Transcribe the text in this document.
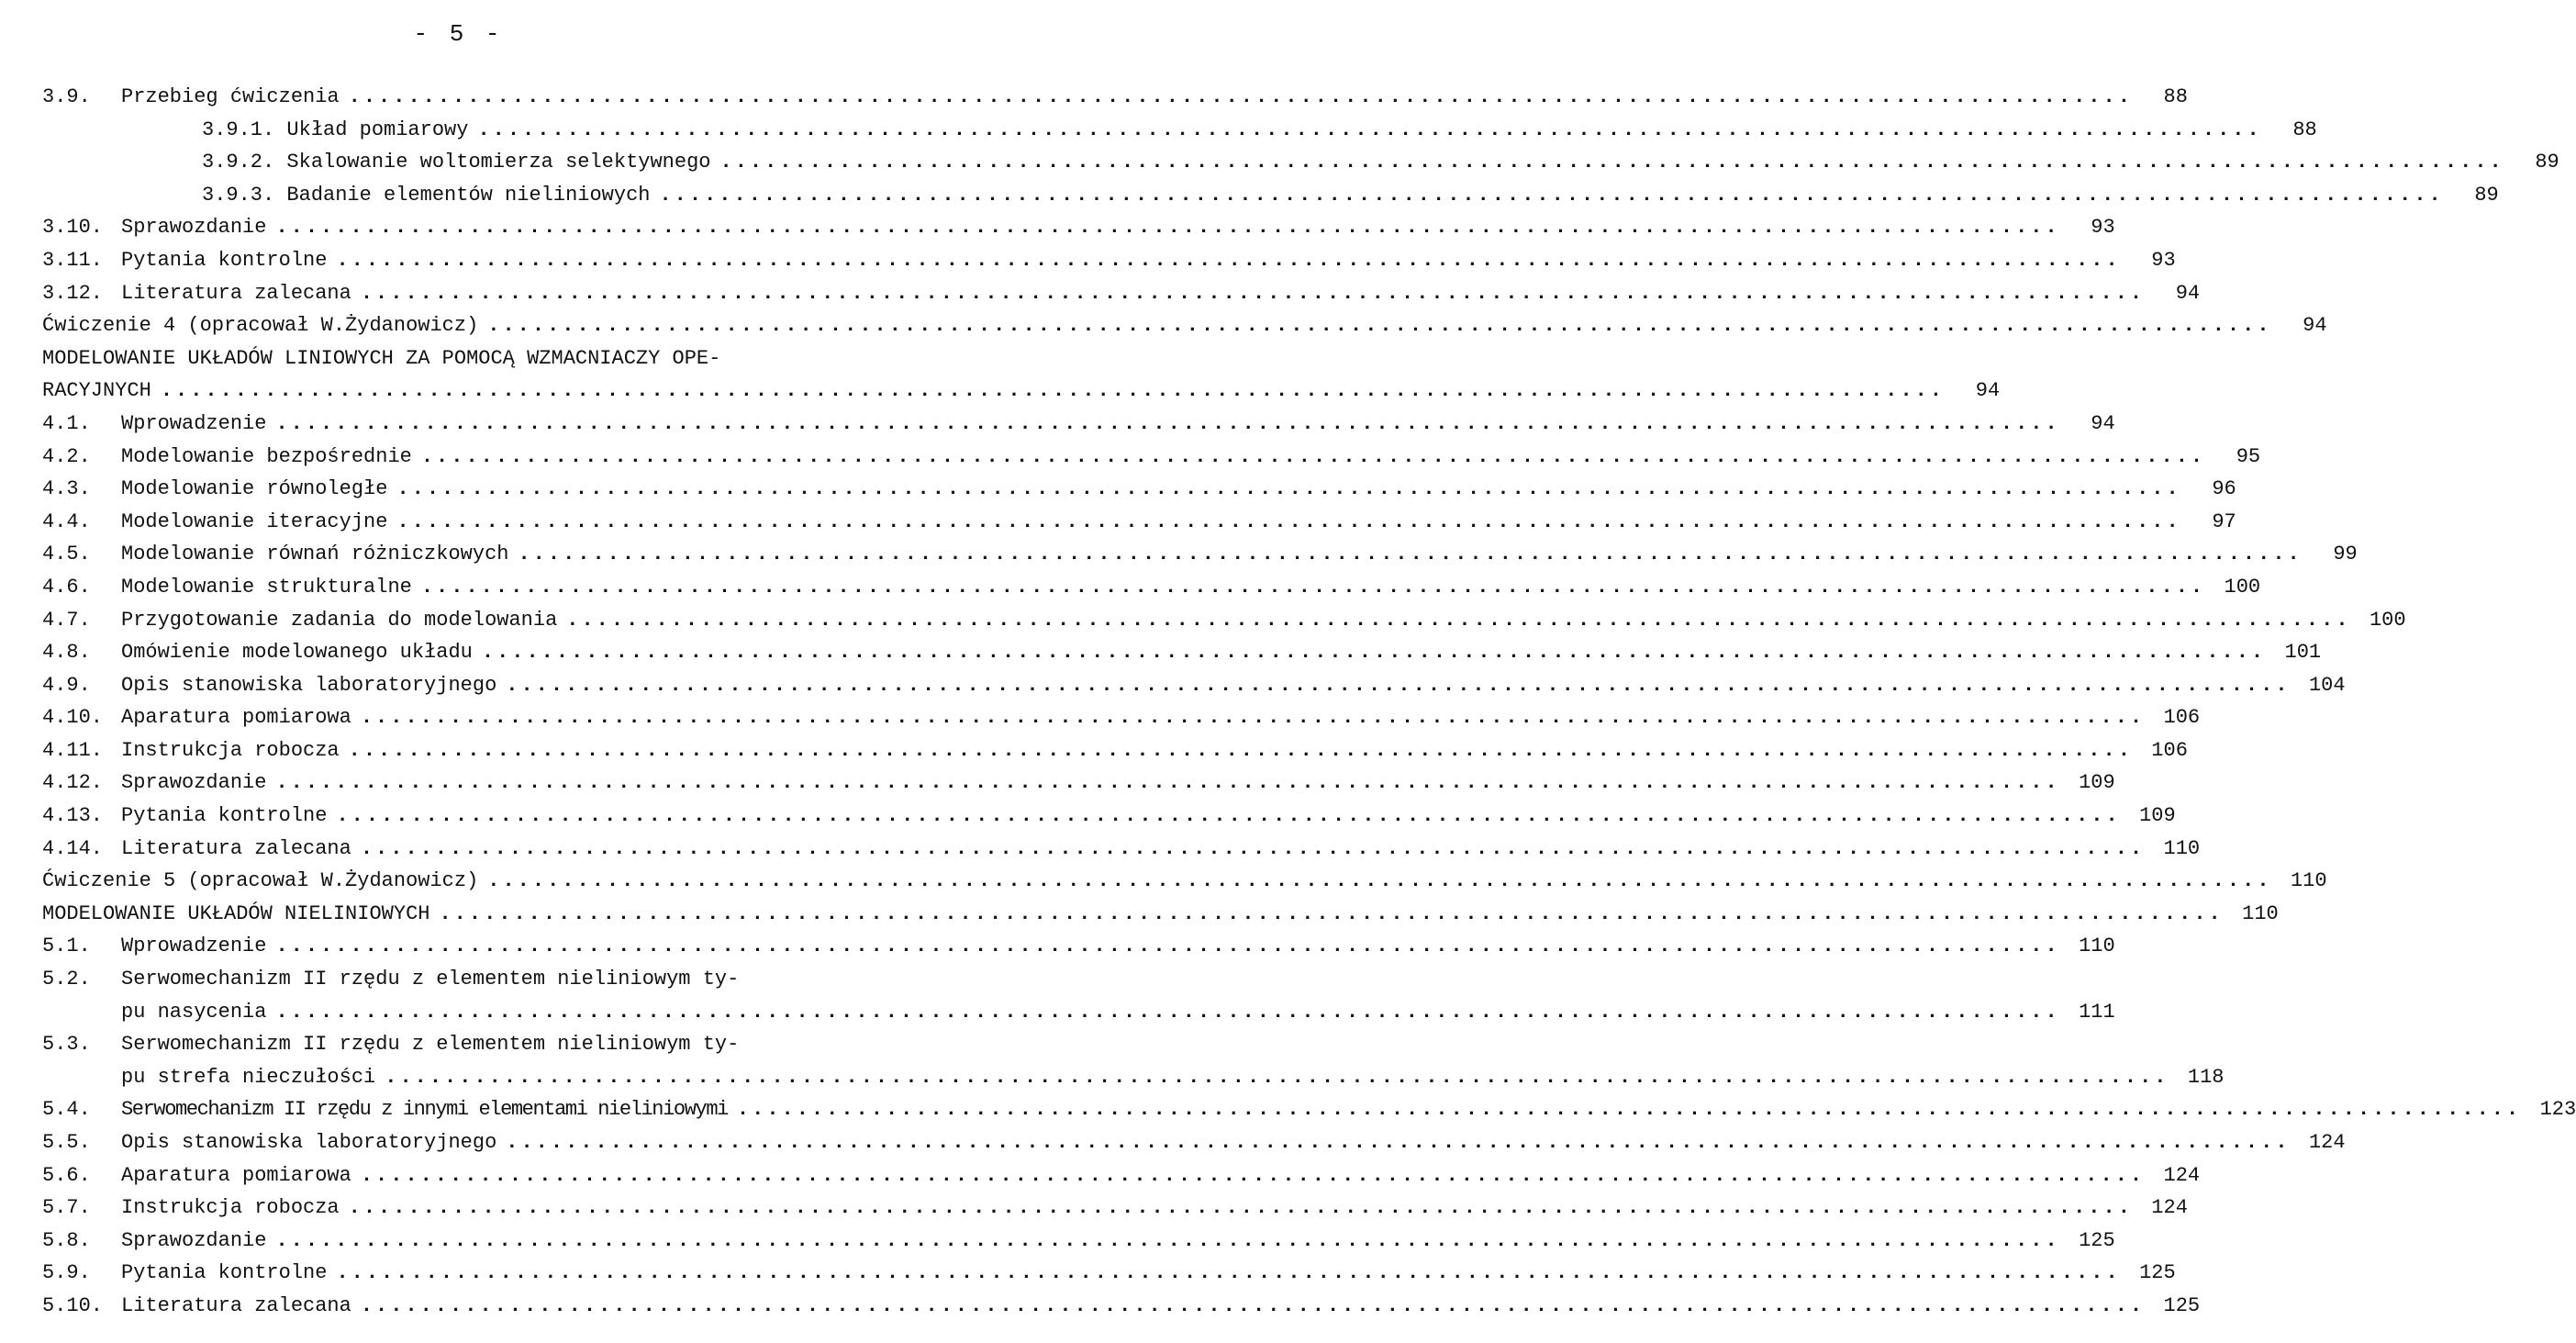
- 5 -
3.9. Przebieg ćwiczenia ........................................................................................................................	88
3.9.1. Układ pomiarowy ........................................................................................................................	88
3.9.2. Skalowanie woltomierza selektywnego ........................................................................................................................	89
3.9.3. Badanie elementów nieliniowych ........................................................................................................................	89
3.10. Sprawozdanie ........................................................................................................................	93
3.11. Pytania kontrolne ........................................................................................................................	93
3.12. Literatura zalecana ........................................................................................................................	94
Ćwiczenie 4 (opracował W.Żydanowicz) ........................................................................................................................	94
MODELOWANIE UKŁADÓW LINIOWYCH ZA POMOCĄ WZMACNIACZY OPE-
RACYJNYCH ........................................................................................................................	94
4.1. Wprowadzenie ........................................................................................................................	94
4.2. Modelowanie bezpośrednie ........................................................................................................................	95
4.3. Modelowanie równoległe ........................................................................................................................	96
4.4. Modelowanie iteracyjne ........................................................................................................................	97
4.5. Modelowanie równań różniczkowych ........................................................................................................................	99
4.6. Modelowanie strukturalne ........................................................................................................................ 100
4.7. Przygotowanie zadania do modelowania ........................................................................................................................ 100
4.8. Omówienie modelowanego układu ........................................................................................................................ 101
4.9. Opis stanowiska laboratoryjnego ........................................................................................................................ 104
4.10. Aparatura pomiarowa ........................................................................................................................ 106
4.11. Instrukcja robocza ........................................................................................................................ 106
4.12. Sprawozdanie ........................................................................................................................ 109
4.13. Pytania kontrolne ........................................................................................................................ 109
4.14. Literatura zalecana ........................................................................................................................ 110
Ćwiczenie 5 (opracował W.Żydanowicz) ........................................................................................................................ 110
MODELOWANIE UKŁADÓW NIELINIOWYCH ........................................................................................................................ 110
5.1. Wprowadzenie ........................................................................................................................ 110
5.2. Serwomechanizm II rzędu z elementem nieliniowym ty-
pu nasycenia ........................................................................................................................ 111
5.3. Serwomechanizm II rzędu z elementem nieliniowym ty-
pu strefa nieczułości ........................................................................................................................ 118
5.4. Serwomechanizm II rzędu z innymi elementami nieliniowymi ........................................................................................................................ 123
5.5. Opis stanowiska laboratoryjnego ........................................................................................................................ 124
5.6. Aparatura pomiarowa ........................................................................................................................ 124
5.7. Instrukcja robocza ........................................................................................................................ 124
5.8. Sprawozdanie ........................................................................................................................ 125
5.9. Pytania kontrolne ........................................................................................................................ 125
5.10. Literatura zalecana ........................................................................................................................ 125
